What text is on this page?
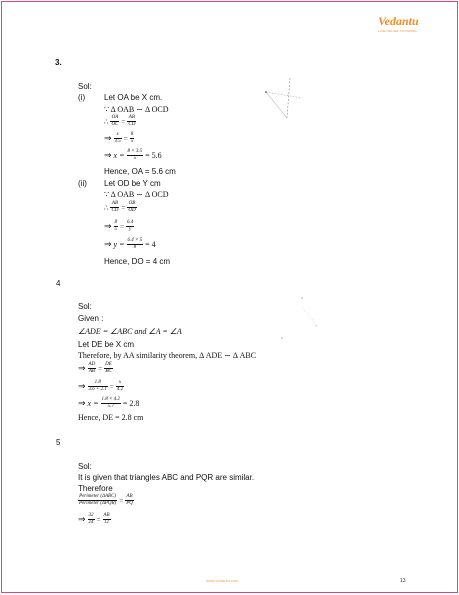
Vedantu
LIVE ONLINE TUTORING
3.
Sol:
(i) Let OA be X cm.
∵ Δ OAB ∼ Δ OCD
∴ $\frac{OA}{OC} = \frac{AB}{CD}$
⇒ $\frac{x}{3.5} = \frac{8}{5}$
⇒ $x = \frac{8 \times 3.5}{5} = 5.6$
Hence, OA = 5.6 cm
(ii) Let OD be Y cm
∵ Δ OAB ∼ Δ OCD
∴ $\frac{AB}{CD} = \frac{OB}{OD}$
⇒ $\frac{8}{5} = \frac{6.4}{y}$
⇒ $y = \frac{6.4 \times 5}{8} = 4$
Hence, DO = 4 cm
4
Sol:
Given :
∠ADE = ∠ABC and ∠A = ∠A
Let DE be X cm
Therefore, by AA similarity theorem, Δ ADE ∼ Δ ABC
⇒ $\frac{AD}{AB} = \frac{DE}{BC}$
⇒ $\frac{1.8}{3.6 + 2.1} = \frac{x}{4.2}$
⇒ $x = \frac{1.8 \times 4.2}{5.7} = 2.8$
Hence, DE = 2.8 cm
5
Sol:
It is given that triangles ABC and PQR are similar.
Therefore
$\frac{\text{Perimeter (ΔABC)}}{\text{Perimeter (ΔPQR)}} = \frac{AB}{PQ}$
⇒ $\frac{32}{24} = \frac{AB}{12}$
www.vedantu.com	13
